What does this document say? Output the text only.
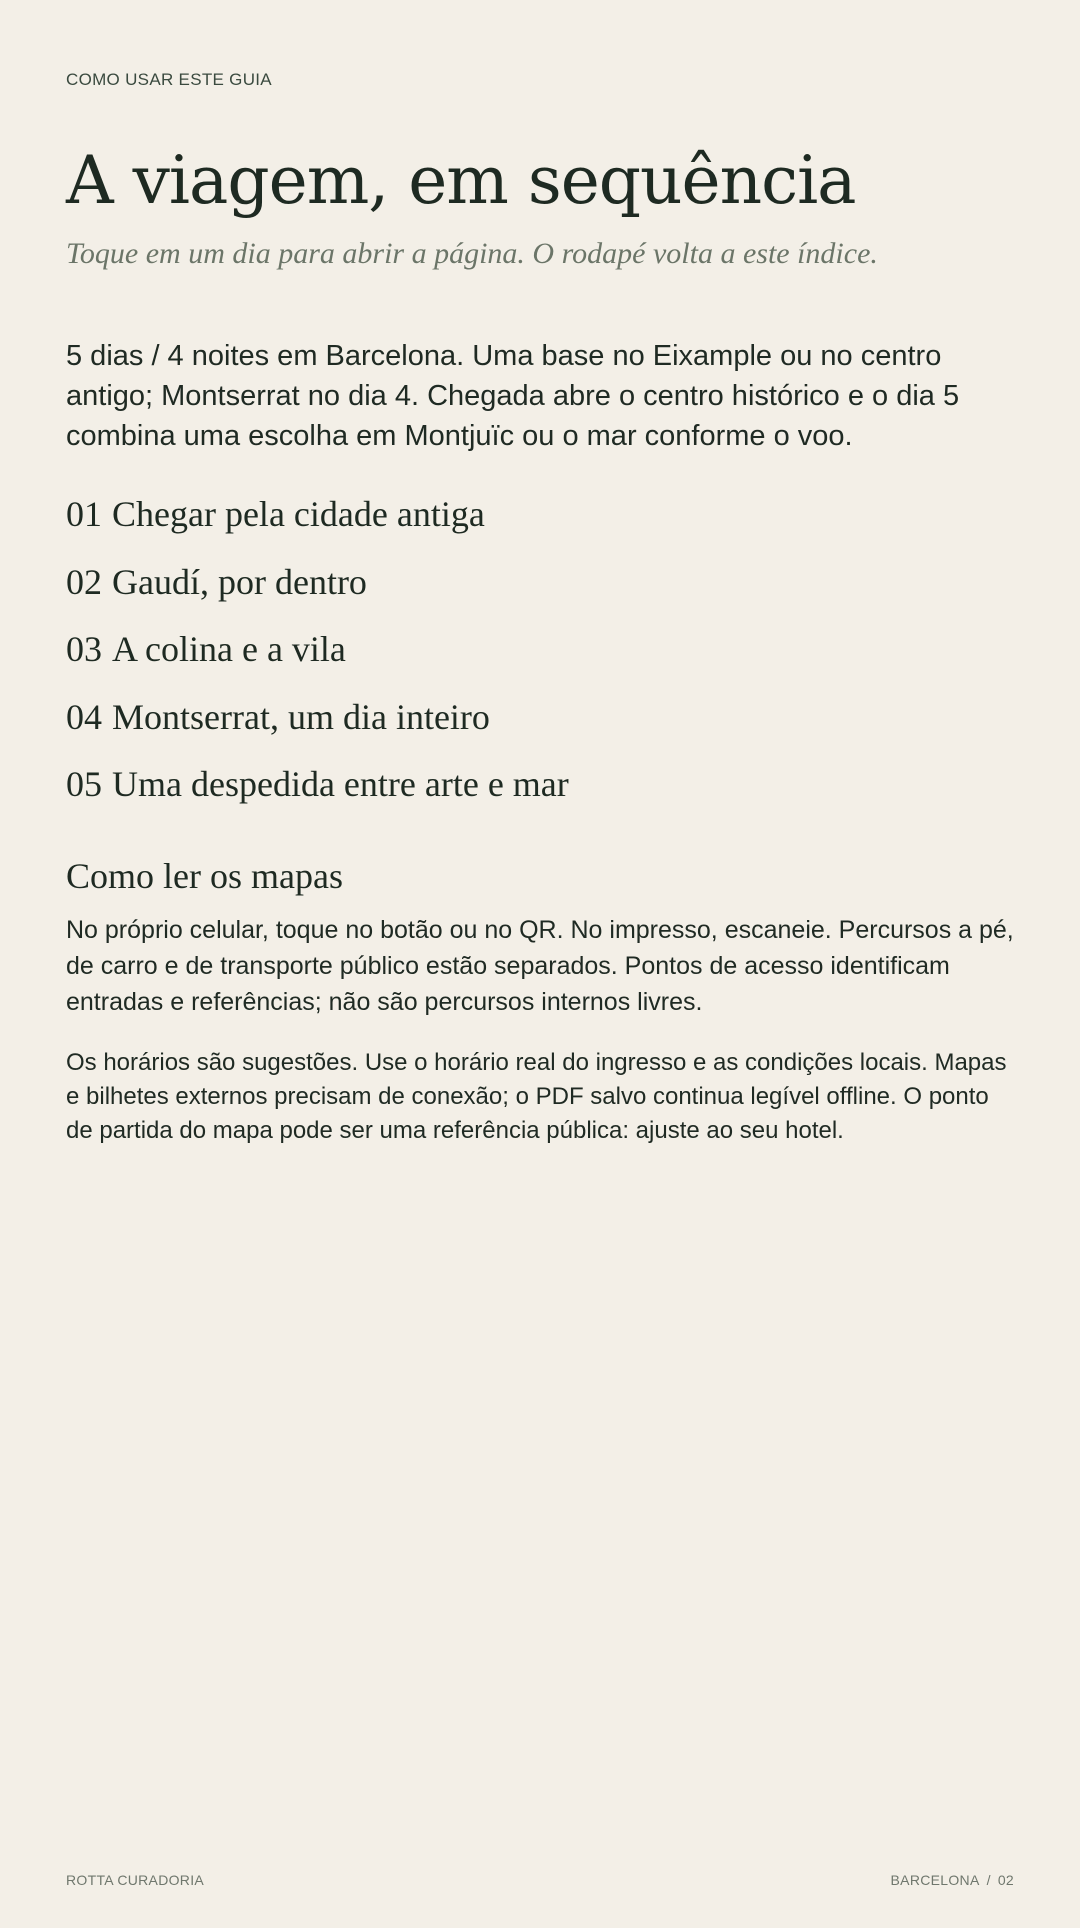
COMO USAR ESTE GUIA
A viagem, em sequência
Toque em um dia para abrir a página. O rodapé volta a este índice.

5 dias / 4 noites em Barcelona. Uma base no Eixample ou no centro antigo; Montserrat no dia 4. Chegada abre o centro histórico e o dia 5 combina uma escolha em Montjuïc ou o mar conforme o voo.

01 Chegar pela cidade antiga
02 Gaudí, por dentro
03 A colina e a vila
04 Montserrat, um dia inteiro
05 Uma despedida entre arte e mar
Como ler os mapas

No próprio celular, toque no botão ou no QR. No impresso, escaneie. Percursos a pé, de carro e de transporte público estão separados. Pontos de acesso identificam entradas e referências; não são percursos internos livres.

Os horários são sugestões. Use o horário real do ingresso e as condições locais. Mapas e bilhetes externos precisam de conexão; o PDF salvo continua legível offline. O ponto de partida do mapa pode ser uma referência pública: ajuste ao seu hotel.

ROTTA CURADORIA	BARCELONA / 02
